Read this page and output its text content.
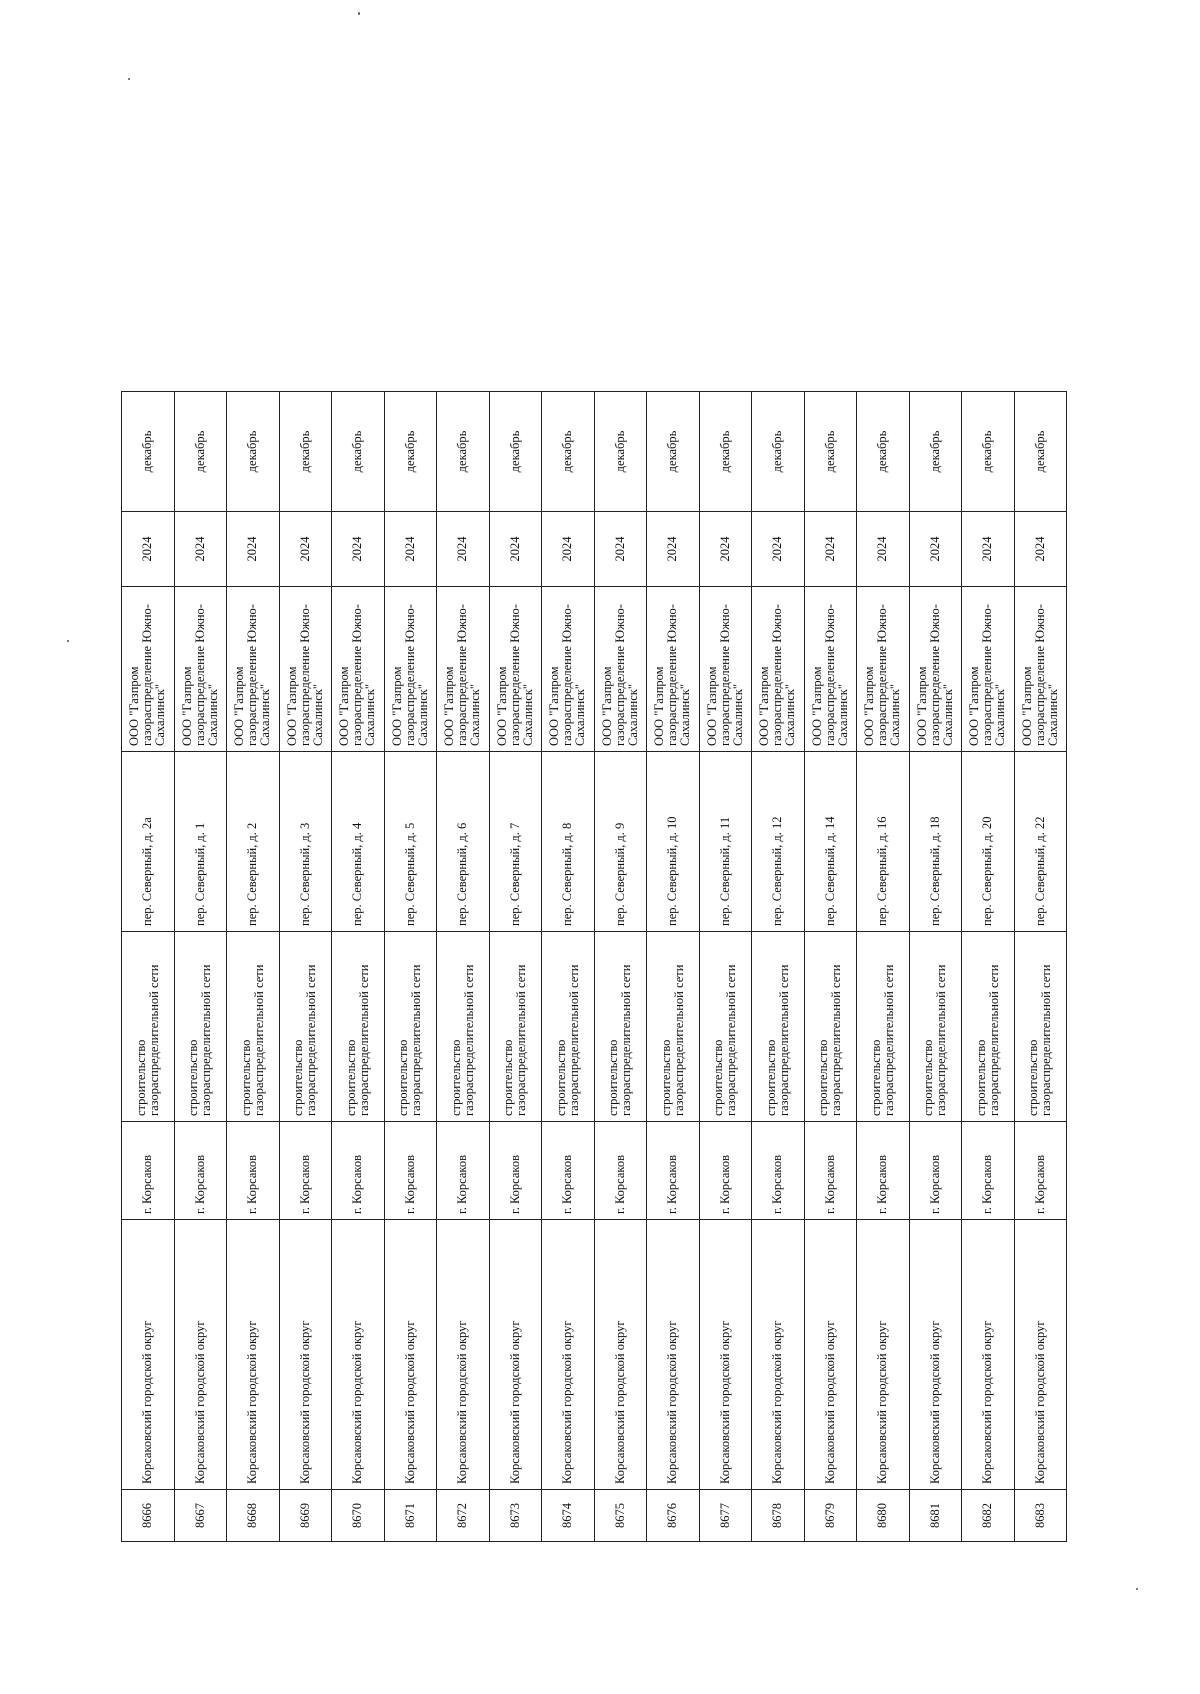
8666	Корсаковский городской округ	г. Корсаков	строительство газораспределительной сети	пер. Северный, д. 2а	ООО "Газпром газораспределение Южно-Сахалинск"	2024	декабрь
8667	Корсаковский городской округ	г. Корсаков	строительство газораспределительной сети	пер. Северный, д. 1	ООО "Газпром газораспределение Южно-Сахалинск"	2024	декабрь
8668	Корсаковский городской округ	г. Корсаков	строительство газораспределительной сети	пер. Северный, д. 2	ООО "Газпром газораспределение Южно-Сахалинск"	2024	декабрь
8669	Корсаковский городской округ	г. Корсаков	строительство газораспределительной сети	пер. Северный, д. 3	ООО "Газпром газораспределение Южно-Сахалинск"	2024	декабрь
8670	Корсаковский городской округ	г. Корсаков	строительство газораспределительной сети	пер. Северный, д. 4	ООО "Газпром газораспределение Южно-Сахалинск"	2024	декабрь
8671	Корсаковский городской округ	г. Корсаков	строительство газораспределительной сети	пер. Северный, д. 5	ООО "Газпром газораспределение Южно-Сахалинск"	2024	декабрь
8672	Корсаковский городской округ	г. Корсаков	строительство газораспределительной сети	пер. Северный, д. 6	ООО "Газпром газораспределение Южно-Сахалинск"	2024	декабрь
8673	Корсаковский городской округ	г. Корсаков	строительство газораспределительной сети	пер. Северный, д. 7	ООО "Газпром газораспределение Южно-Сахалинск"	2024	декабрь
8674	Корсаковский городской округ	г. Корсаков	строительство газораспределительной сети	пер. Северный, д. 8	ООО "Газпром газораспределение Южно-Сахалинск"	2024	декабрь
8675	Корсаковский городской округ	г. Корсаков	строительство газораспределительной сети	пер. Северный, д. 9	ООО "Газпром газораспределение Южно-Сахалинск"	2024	декабрь
8676	Корсаковский городской округ	г. Корсаков	строительство газораспределительной сети	пер. Северный, д. 10	ООО "Газпром газораспределение Южно-Сахалинск"	2024	декабрь
8677	Корсаковский городской округ	г. Корсаков	строительство газораспределительной сети	пер. Северный, д. 11	ООО "Газпром газораспределение Южно-Сахалинск"	2024	декабрь
8678	Корсаковский городской округ	г. Корсаков	строительство газораспределительной сети	пер. Северный, д. 12	ООО "Газпром газораспределение Южно-Сахалинск"	2024	декабрь
8679	Корсаковский городской округ	г. Корсаков	строительство газораспределительной сети	пер. Северный, д. 14	ООО "Газпром газораспределение Южно-Сахалинск"	2024	декабрь
8680	Корсаковский городской округ	г. Корсаков	строительство газораспределительной сети	пер. Северный, д. 16	ООО "Газпром газораспределение Южно-Сахалинск"	2024	декабрь
8681	Корсаковский городской округ	г. Корсаков	строительство газораспределительной сети	пер. Северный, д. 18	ООО "Газпром газораспределение Южно-Сахалинск"	2024	декабрь
8682	Корсаковский городской округ	г. Корсаков	строительство газораспределительной сети	пер. Северный, д. 20	ООО "Газпром газораспределение Южно-Сахалинск"	2024	декабрь
8683	Корсаковский городской округ	г. Корсаков	строительство газораспределительной сети	пер. Северный, д. 22	ООО "Газпром газораспределение Южно-Сахалинск"	2024	декабрь
